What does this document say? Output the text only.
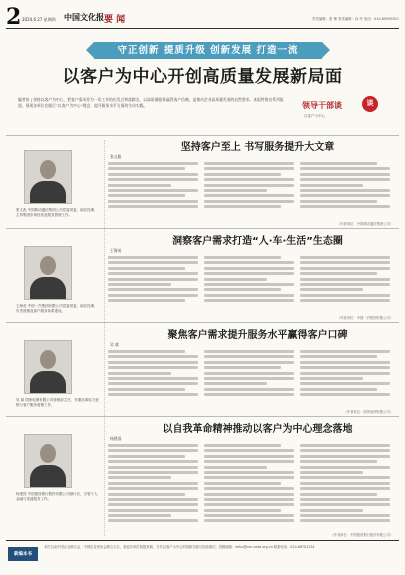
2 2024.6.27 星期四 中国文化报 要 闻	责任编辑：张 博 美术编辑：孙 玲 电话：010-65099321
守正创新 提质升级 创新发展 打造一流
以客户为中心开创高质量发展新局面
编者按 | 坚持以客户为中心，把客户需求作为一切工作的出发点和落脚点，以高质量服务赢得客户信赖，是推动企业高质量发展的必然要求。本报特推出系列报道，展现各单位在践行“以客户为中心”理念、提升服务水平方面的生动实践。	领导干部谈	谈
以客户为中心
坚持客户至上 书写服务提升大文章
张文彪
张文彪 中国移动通信集团公司党委常委、副总经理，主持集团市场经营及服务管理工作。
（作者单位：中国移动通信集团公司）
洞察客户需求打造“人·车·生活”生态圈
王海英
王海英 中国一汽集团有限公司党委常委、副总经理，负责营销及客户服务体系建设。
（作者单位：中国一汽集团有限公司）
聚焦客户需求提升服务水平赢得客户口碑
吴 斌
吴 斌 国家电网有限公司营销部主任，长期从事电力营销与客户服务管理工作。
（作者单位：国家电网有限公司）
以自我革命精神推动以客户为中心理念落地
杨建国
杨建国 中国建设银行股份有限公司副行长，分管个人金融与渠道服务工作。
（作者单位：中国建设银行股份有限公司）
新编本书
本栏目由中国企业联合会、中国企业家协会联合主办，欢迎各单位积极来稿，分享以客户为中心的创新实践与经验做法。投稿邮箱：kehu@cec-ceda.org.cn 联系电话：010-68701234
